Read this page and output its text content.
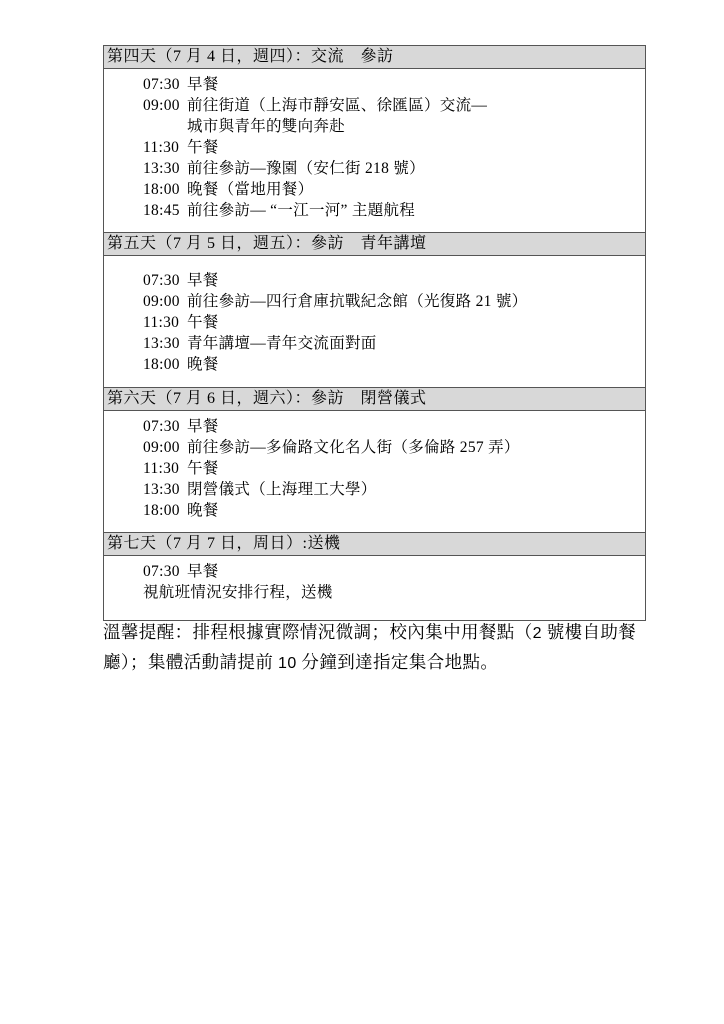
第四天（7 月 4 日，週四）：交流　參訪
07:30 早餐
09:00 前往街道（上海市靜安區、徐匯區）交流—
城市與青年的雙向奔赴
11:30 午餐
13:30 前往參訪—豫園（安仁街 218 號）
18:00 晚餐（當地用餐）
18:45 前往參訪— “一江一河” 主題航程
第五天（7 月 5 日，週五）：參訪　青年講壇
07:30 早餐
09:00 前往參訪—四行倉庫抗戰紀念館（光復路 21 號）
11:30 午餐
13:30 青年講壇—青年交流面對面
18:00 晚餐
第六天（7 月 6 日，週六）：參訪　閉營儀式
07:30 早餐
09:00 前往參訪—多倫路文化名人街（多倫路 257 弄）
11:30 午餐
13:30 閉營儀式（上海理工大學）
18:00 晚餐
第七天（7 月 7 日，周日）:送機
07:30 早餐
視航班情況安排行程，送機

溫馨提醒：排程根據實際情況微調；校內集中用餐點（2 號樓自助餐
廳）；集體活動請提前 10 分鐘到達指定集合地點。
